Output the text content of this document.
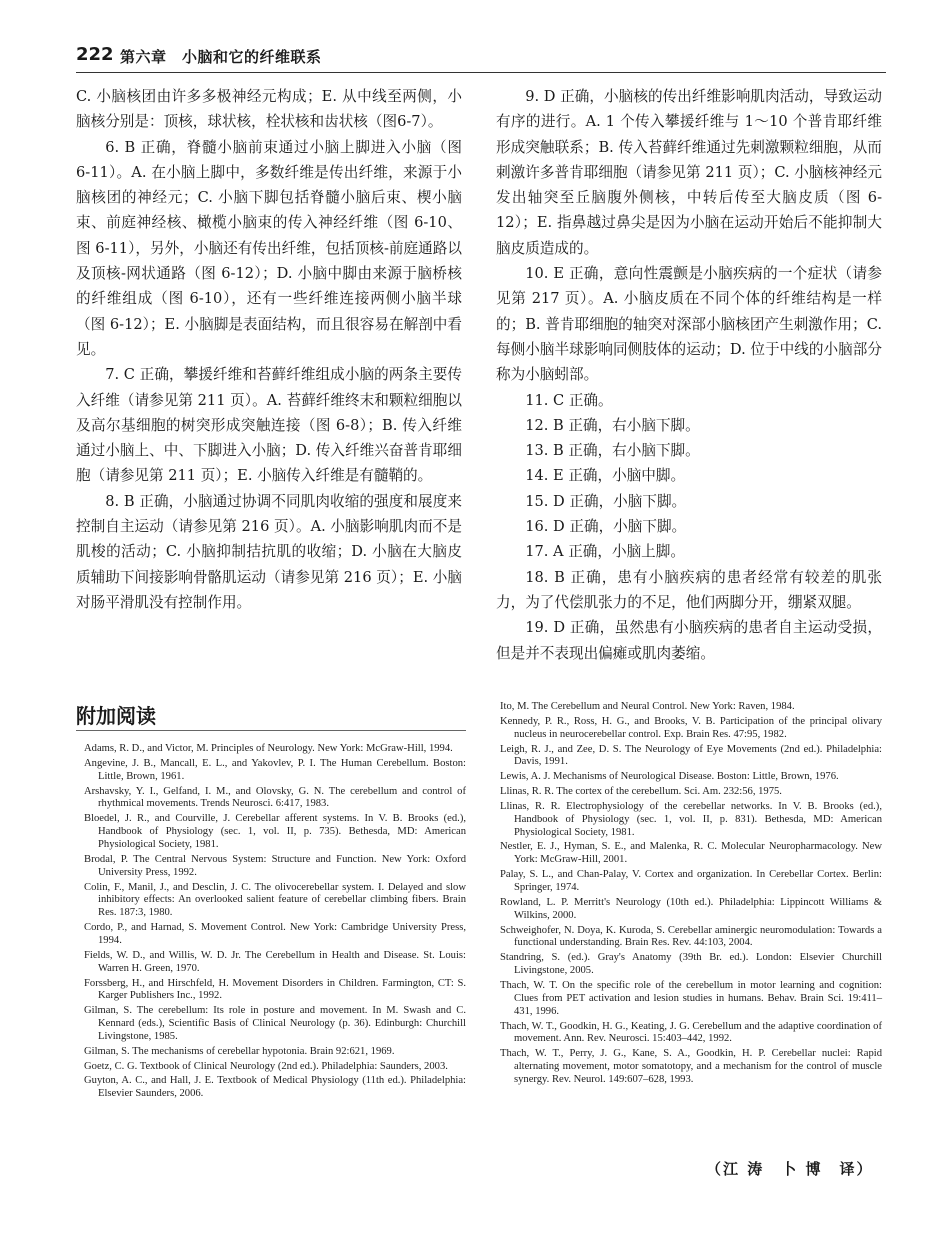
222 第六章　小脑和它的纤维联系

C. 小脑核团由许多多极神经元构成；E. 从中线至两侧，小脑核分别是：顶核，球状核，栓状核和齿状核（图6-7）。

6. B 正确，脊髓小脑前束通过小脑上脚进入小脑（图 6-11）。A. 在小脑上脚中，多数纤维是传出纤维，来源于小脑核团的神经元；C. 小脑下脚包括脊髓小脑后束、楔小脑束、前庭神经核、橄榄小脑束的传入神经纤维（图 6-10、图 6-11），另外，小脑还有传出纤维，包括顶核-前庭通路以及顶核-网状通路（图 6-12）；D. 小脑中脚由来源于脑桥核的纤维组成（图 6-10），还有一些纤维连接两侧小脑半球（图 6-12）；E. 小脑脚是表面结构，而且很容易在解剖中看见。

7. C 正确，攀援纤维和苔藓纤维组成小脑的两条主要传入纤维（请参见第 211 页）。A. 苔藓纤维终末和颗粒细胞以及高尔基细胞的树突形成突触连接（图 6-8）；B. 传入纤维通过小脑上、中、下脚进入小脑；D. 传入纤维兴奋普肯耶细胞（请参见第 211 页）；E. 小脑传入纤维是有髓鞘的。

8. B 正确，小脑通过协调不同肌肉收缩的强度和展度来控制自主运动（请参见第 216 页）。A. 小脑影响肌肉而不是肌梭的活动；C. 小脑抑制拮抗肌的收缩；D. 小脑在大脑皮质辅助下间接影响骨骼肌运动（请参见第 216 页）；E. 小脑对肠平滑肌没有控制作用。

9. D 正确，小脑核的传出纤维影响肌肉活动，导致运动有序的进行。A. 1 个传入攀援纤维与 1～10 个普肯耶纤维形成突触联系；B. 传入苔藓纤维通过先刺激颗粒细胞，从而刺激许多普肯耶细胞（请参见第 211 页）；C. 小脑核神经元发出轴突至丘脑腹外侧核，中转后传至大脑皮质（图 6-12）；E. 指鼻越过鼻尖是因为小脑在运动开始后不能抑制大脑皮质造成的。

10. E 正确，意向性震颤是小脑疾病的一个症状（请参见第 217 页）。A. 小脑皮质在不同个体的纤维结构是一样的；B. 普肯耶细胞的轴突对深部小脑核团产生刺激作用；C. 每侧小脑半球影响同侧肢体的运动；D. 位于中线的小脑部分称为小脑蚓部。

11. C 正确。

12. B 正确，右小脑下脚。

13. B 正确，右小脑下脚。

14. E 正确，小脑中脚。

15. D 正确，小脑下脚。

16. D 正确，小脑下脚。

17. A 正确，小脑上脚。

18. B 正确，患有小脑疾病的患者经常有较差的肌张力，为了代偿肌张力的不足，他们两脚分开，绷紧双腿。

19. D 正确，虽然患有小脑疾病的患者自主运动受损，但是并不表现出偏瘫或肌肉萎缩。

附加阅读
Adams, R. D., and Victor, M. Principles of Neurology. New York: McGraw-Hill, 1994.
Angevine, J. B., Mancall, E. L., and Yakovlev, P. I. The Human Cerebellum. Boston: Little, Brown, 1961.
Arshavsky, Y. I., Gelfand, I. M., and Olovsky, G. N. The cerebellum and control of rhythmical movements. Trends Neurosci. 6:417, 1983.
Bloedel, J. R., and Courville, J. Cerebellar afferent systems. In V. B. Brooks (ed.), Handbook of Physiology (sec. 1, vol. II, p. 735). Bethesda, MD: American Physiological Society, 1981.
Brodal, P. The Central Nervous System: Structure and Function. New York: Oxford University Press, 1992.
Colin, F., Manil, J., and Desclin, J. C. The olivocerebellar system. I. Delayed and slow inhibitory effects: An overlooked salient feature of cerebellar climbing fibers. Brain Res. 187:3, 1980.
Cordo, P., and Harnad, S. Movement Control. New York: Cambridge University Press, 1994.
Fields, W. D., and Willis, W. D. Jr. The Cerebellum in Health and Disease. St. Louis: Warren H. Green, 1970.
Forssberg, H., and Hirschfeld, H. Movement Disorders in Children. Farmington, CT: S. Karger Publishers Inc., 1992.
Gilman, S. The cerebellum: Its role in posture and movement. In M. Swash and C. Kennard (eds.), Scientific Basis of Clinical Neurology (p. 36). Edinburgh: Churchill Livingstone, 1985.
Gilman, S. The mechanisms of cerebellar hypotonia. Brain 92:621, 1969.
Goetz, C. G. Textbook of Clinical Neurology (2nd ed.). Philadelphia: Saunders, 2003.
Guyton, A. C., and Hall, J. E. Textbook of Medical Physiology (11th ed.). Philadelphia: Elsevier Saunders, 2006.
Ito, M. The Cerebellum and Neural Control. New York: Raven, 1984.
Kennedy, P. R., Ross, H. G., and Brooks, V. B. Participation of the principal olivary nucleus in neurocerebellar control. Exp. Brain Res. 47:95, 1982.
Leigh, R. J., and Zee, D. S. The Neurology of Eye Movements (2nd ed.). Philadelphia: Davis, 1991.
Lewis, A. J. Mechanisms of Neurological Disease. Boston: Little, Brown, 1976.
Llinas, R. R. The cortex of the cerebellum. Sci. Am. 232:56, 1975.
Llinas, R. R. Electrophysiology of the cerebellar networks. In V. B. Brooks (ed.), Handbook of Physiology (sec. 1, vol. II, p. 831). Bethesda, MD: American Physiological Society, 1981.
Nestler, E. J., Hyman, S. E., and Malenka, R. C. Molecular Neuropharmacology. New York: McGraw-Hill, 2001.
Palay, S. L., and Chan-Palay, V. Cortex and organization. In Cerebellar Cortex. Berlin: Springer, 1974.
Rowland, L. P. Merritt's Neurology (10th ed.). Philadelphia: Lippincott Williams & Wilkins, 2000.
Schweighofer, N. Doya, K. Kuroda, S. Cerebellar aminergic neuromodulation: Towards a functional understanding. Brain Res. Rev. 44:103, 2004.
Standring, S. (ed.). Gray's Anatomy (39th Br. ed.). London: Elsevier Churchill Livingstone, 2005.
Thach, W. T. On the specific role of the cerebellum in motor learning and cognition: Clues from PET activation and lesion studies in humans. Behav. Brain Sci. 19:411–431, 1996.
Thach, W. T., Goodkin, H. G., Keating, J. G. Cerebellum and the adaptive coordination of movement. Ann. Rev. Neurosci. 15:403–442, 1992.
Thach, W. T., Perry, J. G., Kane, S. A., Goodkin, H. P. Cerebellar nuclei: Rapid alternating movement, motor somatotopy, and a mechanism for the control of muscle synergy. Rev. Neurol. 149:607–628, 1993.
（江 涛　卜 博　译）
